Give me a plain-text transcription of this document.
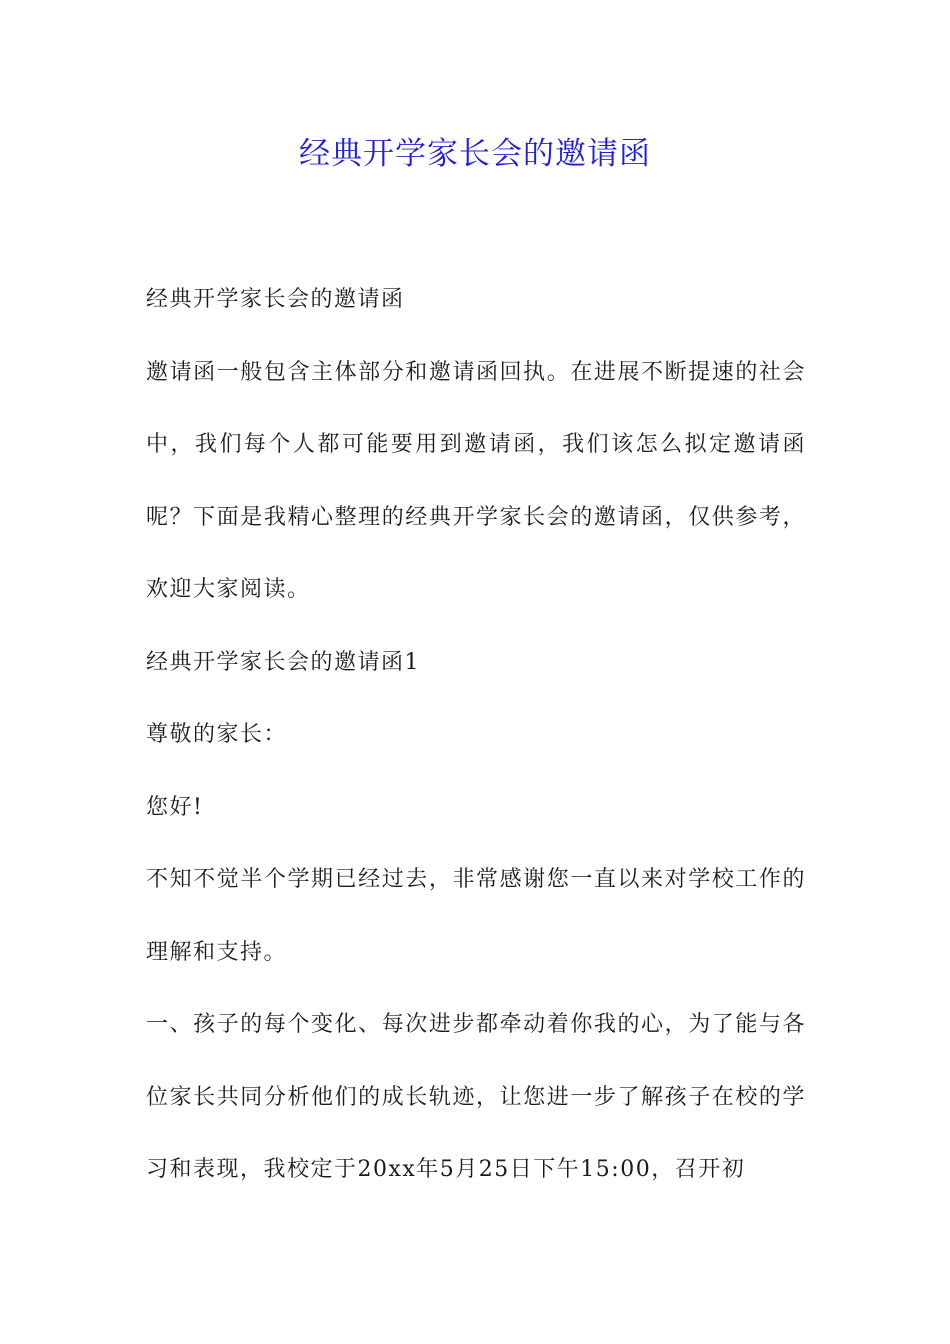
经典开学家长会的邀请函

经典开学家长会的邀请函

邀请函一般包含主体部分和邀请函回执。在进展不断提速的社会中，我们每个人都可能要用到邀请函，我们该怎么拟定邀请函呢？下面是我精心整理的经典开学家长会的邀请函，仅供参考，欢迎大家阅读。

经典开学家长会的邀请函1

尊敬的家长：

您好!

不知不觉半个学期已经过去，非常感谢您一直以来对学校工作的理解和支持。

一、孩子的每个变化、每次进步都牵动着你我的心，为了能与各位家长共同分析他们的成长轨迹，让您进一步了解孩子在校的学习和表现，我校定于20xx年5月25日下午15:00，召开初
